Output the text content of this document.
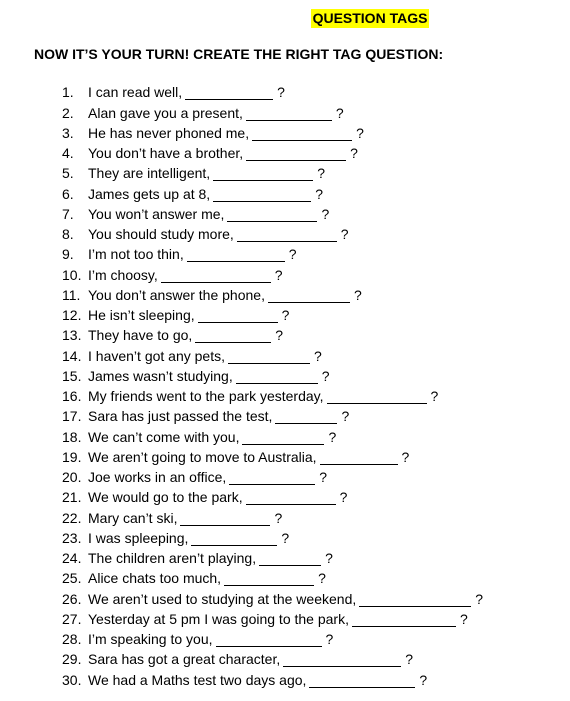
QUESTION TAGS
NOW IT’S YOUR TURN! CREATE THE RIGHT TAG QUESTION:
1.	I can read well,	?
2.	Alan gave you a present,	?
3.	He has never phoned me,	?
4.	You don’t have a brother,	?
5.	They are intelligent,	?
6.	James gets up at 8,	?
7.	You won’t answer me,	?
8.	You should study more,	?
9.	I’m not too thin,	?
10. I’m choosy,	?
11. You don’t answer the phone,	?
12. He isn’t sleeping,	?
13. They have to go,	?
14. I haven’t got any pets,	?
15. James wasn’t studying,	?
16. My friends went to the park yesterday,	?
17. Sara has just passed the test,	?
18. We can’t come with you,	?
19. We aren’t going to move to Australia,	?
20. Joe works in an office,	?
21. We would go to the park,	?
22. Mary can’t ski,	?
23. I was spleeping,	?
24. The children aren’t playing,	?
25. Alice chats too much,	?
26. We aren’t used to studying at the weekend,	?
27. Yesterday at 5 pm I was going to the park,	?
28. I’m speaking to you,	?
29. Sara has got a great character,	?
30. We had a Maths test two days ago,	?
